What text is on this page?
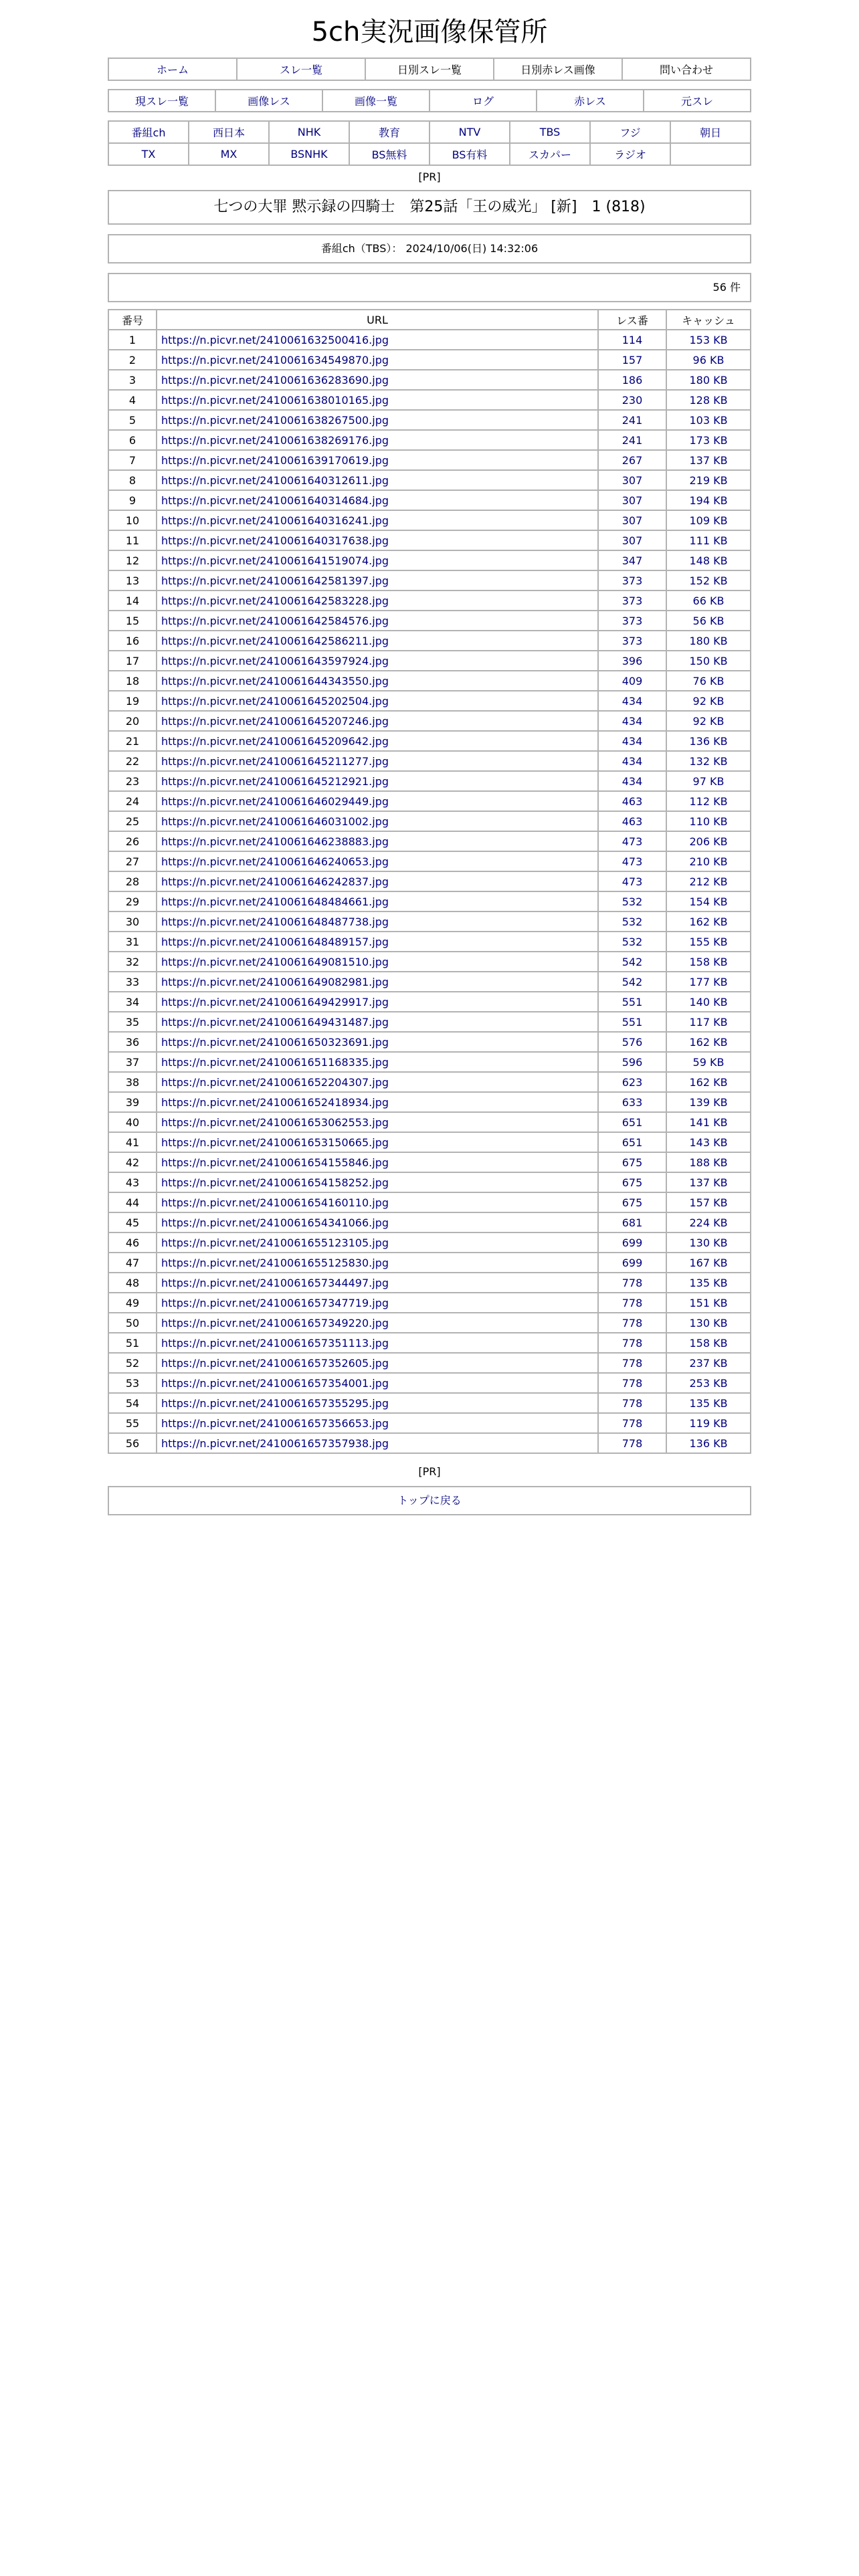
5ch実況画像保管所
ホーム	スレ一覧	日別スレ一覧	日別赤レス画像	問い合わせ
現スレ一覧	画像レス	画像一覧	ログ	赤レス	元スレ
番組ch	西日本	NHK	教育	NTV	TBS	フジ	朝日
TX	MX	BSNHK	BS無料	BS有料	スカパー	ラジオ	
[PR]
七つの大罪 黙示録の四騎士　第25話「王の威光」 [新]　1 (818)
番組ch（TBS）： 2024/10/06(日) 14:32:06
56 件
番号	URL	レス番	キャッシュ
1	https://n.picvr.net/2410061632500416.jpg	114	153 KB
2	https://n.picvr.net/2410061634549870.jpg	157	96 KB
3	https://n.picvr.net/2410061636283690.jpg	186	180 KB
4	https://n.picvr.net/2410061638010165.jpg	230	128 KB
5	https://n.picvr.net/2410061638267500.jpg	241	103 KB
6	https://n.picvr.net/2410061638269176.jpg	241	173 KB
7	https://n.picvr.net/2410061639170619.jpg	267	137 KB
8	https://n.picvr.net/2410061640312611.jpg	307	219 KB
9	https://n.picvr.net/2410061640314684.jpg	307	194 KB
10	https://n.picvr.net/2410061640316241.jpg	307	109 KB
11	https://n.picvr.net/2410061640317638.jpg	307	111 KB
12	https://n.picvr.net/2410061641519074.jpg	347	148 KB
13	https://n.picvr.net/2410061642581397.jpg	373	152 KB
14	https://n.picvr.net/2410061642583228.jpg	373	66 KB
15	https://n.picvr.net/2410061642584576.jpg	373	56 KB
16	https://n.picvr.net/2410061642586211.jpg	373	180 KB
17	https://n.picvr.net/2410061643597924.jpg	396	150 KB
18	https://n.picvr.net/2410061644343550.jpg	409	76 KB
19	https://n.picvr.net/2410061645202504.jpg	434	92 KB
20	https://n.picvr.net/2410061645207246.jpg	434	92 KB
21	https://n.picvr.net/2410061645209642.jpg	434	136 KB
22	https://n.picvr.net/2410061645211277.jpg	434	132 KB
23	https://n.picvr.net/2410061645212921.jpg	434	97 KB
24	https://n.picvr.net/2410061646029449.jpg	463	112 KB
25	https://n.picvr.net/2410061646031002.jpg	463	110 KB
26	https://n.picvr.net/2410061646238883.jpg	473	206 KB
27	https://n.picvr.net/2410061646240653.jpg	473	210 KB
28	https://n.picvr.net/2410061646242837.jpg	473	212 KB
29	https://n.picvr.net/2410061648484661.jpg	532	154 KB
30	https://n.picvr.net/2410061648487738.jpg	532	162 KB
31	https://n.picvr.net/2410061648489157.jpg	532	155 KB
32	https://n.picvr.net/2410061649081510.jpg	542	158 KB
33	https://n.picvr.net/2410061649082981.jpg	542	177 KB
34	https://n.picvr.net/2410061649429917.jpg	551	140 KB
35	https://n.picvr.net/2410061649431487.jpg	551	117 KB
36	https://n.picvr.net/2410061650323691.jpg	576	162 KB
37	https://n.picvr.net/2410061651168335.jpg	596	59 KB
38	https://n.picvr.net/2410061652204307.jpg	623	162 KB
39	https://n.picvr.net/2410061652418934.jpg	633	139 KB
40	https://n.picvr.net/2410061653062553.jpg	651	141 KB
41	https://n.picvr.net/2410061653150665.jpg	651	143 KB
42	https://n.picvr.net/2410061654155846.jpg	675	188 KB
43	https://n.picvr.net/2410061654158252.jpg	675	137 KB
44	https://n.picvr.net/2410061654160110.jpg	675	157 KB
45	https://n.picvr.net/2410061654341066.jpg	681	224 KB
46	https://n.picvr.net/2410061655123105.jpg	699	130 KB
47	https://n.picvr.net/2410061655125830.jpg	699	167 KB
48	https://n.picvr.net/2410061657344497.jpg	778	135 KB
49	https://n.picvr.net/2410061657347719.jpg	778	151 KB
50	https://n.picvr.net/2410061657349220.jpg	778	130 KB
51	https://n.picvr.net/2410061657351113.jpg	778	158 KB
52	https://n.picvr.net/2410061657352605.jpg	778	237 KB
53	https://n.picvr.net/2410061657354001.jpg	778	253 KB
54	https://n.picvr.net/2410061657355295.jpg	778	135 KB
55	https://n.picvr.net/2410061657356653.jpg	778	119 KB
56	https://n.picvr.net/2410061657357938.jpg	778	136 KB
[PR]
トップに戻る
